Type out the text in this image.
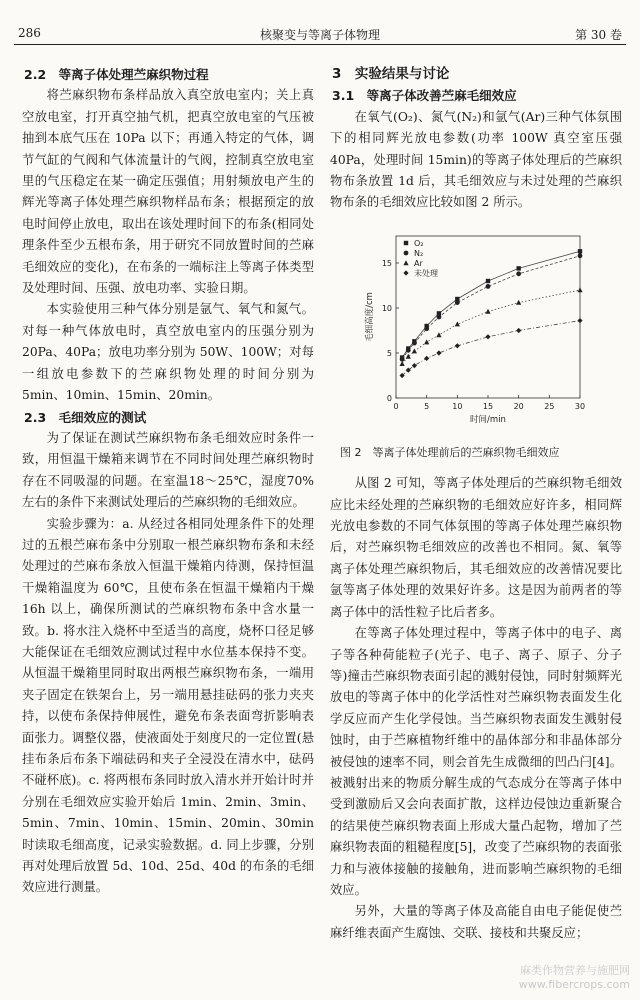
286	核聚变与等离子体物理	第 30 卷

2.2　等离子体处理苎麻织物过程

将苎麻织物布条样品放入真空放电室内；关上真空放电室，打开真空抽气机，把真空放电室的气压被抽到本底气压在 10Pa 以下；再通入特定的气体，调节气缸的气阀和气体流量计的气阀，控制真空放电室里的气压稳定在某一确定压强值；用射频放电产生的辉光等离子体处理苎麻织物样品布条；根据预定的放电时间停止放电，取出在该处理时间下的布条(相同处理条件至少五根布条，用于研究不同放置时间的苎麻毛细效应的变化)，在布条的一端标注上等离子体类型及处理时间、压强、放电功率、实验日期。

本实验使用三种气体分别是氩气、氧气和氮气。对每一种气体放电时，真空放电室内的压强分别为 20Pa、40Pa；放电功率分别为 50W、100W；对每一组放电参数下的苎麻织物处理的时间分别为 5min、10min、15min、20min。

2.3　毛细效应的测试

为了保证在测试苎麻织物布条毛细效应时条件一致，用恒温干燥箱来调节在不同时间处理苎麻织物时存在不同吸湿的问题。在室温18～25℃，湿度70%左右的条件下来测试处理后的苎麻织物的毛细效应。

实验步骤为：a. 从经过各相同处理条件下的处理过的五根苎麻布条中分别取一根苎麻织物布条和未经处理过的苎麻布条放入恒温干燥箱内待测，保持恒温干燥箱温度为 60℃，且使布条在恒温干燥箱内干燥 16h 以上，确保所测试的苎麻织物布条中含水量一致。b. 将水注入烧杯中至适当的高度，烧杯口径足够大能保证在毛细效应测试过程中水位基本保持不变。从恒温干燥箱里同时取出两根苎麻织物布条，一端用夹子固定在铁架台上，另一端用悬挂砝码的张力夹夹持，以使布条保持伸展性，避免布条表面弯折影响表面张力。调整仪器，使液面处于刻度尺的一定位置(悬挂布条后布条下端砝码和夹子全浸没在清水中，砝码不碰杯底)。c. 将两根布条同时放入清水并开始计时并分别在毛细效应实验开始后 1min、2min、3min、5min、7min、10min、15min、20min、30min 时读取毛细高度，记录实验数据。d. 同上步骤，分别再对处理后放置 5d、10d、25d、40d 的布条的毛细效应进行测量。

3　实验结果与讨论

3.1　等离子体改善苎麻毛细效应

在氧气(O₂)、氮气(N₂)和氩气(Ar)三种气体氛围下的相同辉光放电参数(功率 100W 真空室压强 40Pa，处理时间 15min)的等离子体处理后的苎麻织物布条放置 1d 后，其毛细效应与未过处理的苎麻织物布条的毛细效应比较如图 2 所示。

0	5	10	15	20	25	30
0
5
10
15
时间/min
毛细高度/cm
O₂
N₂
Ar
未处理

图 2　等离子体处理前后的苎麻织物毛细效应

从图 2 可知，等离子体处理后的苎麻织物毛细效应比未经处理的苎麻织物的毛细效应好许多，相同辉光放电参数的不同气体氛围的等离子体处理苎麻织物后，对苎麻织物毛细效应的改善也不相同。氮、氧等离子体处理苎麻织物后，其毛细效应的改善情况要比氩等离子体处理的效果好许多。这是因为前两者的等离子体中的活性粒子比后者多。

在等离子体处理过程中，等离子体中的电子、离子等各种荷能粒子(光子、电子、离子、原子、分子等)撞击苎麻织物表面引起的溅射侵蚀，同时射频辉光放电的等离子体中的化学活性对苎麻织物表面发生化学反应而产生化学侵蚀。当苎麻织物表面发生溅射侵蚀时，由于苎麻植物纤维中的晶体部分和非晶体部分被侵蚀的速率不同，则会首先生成微细的凹凸闩[4]。被溅射出来的物质分解生成的气态成分在等离子体中受到激励后又会向表面扩散，这样边侵蚀边重新聚合的结果使苎麻织物表面上形成大量凸起物，增加了苎麻织物表面的粗糙程度[5]，改变了苎麻织物的表面张力和与液体接触的接触角，进而影响苎麻织物的毛细效应。

另外，大量的等离子体及高能自由电子能促使苎麻纤维表面产生腐蚀、交联、接枝和共聚反应；

麻类作物营养与施肥网
www.fibercrops.com
